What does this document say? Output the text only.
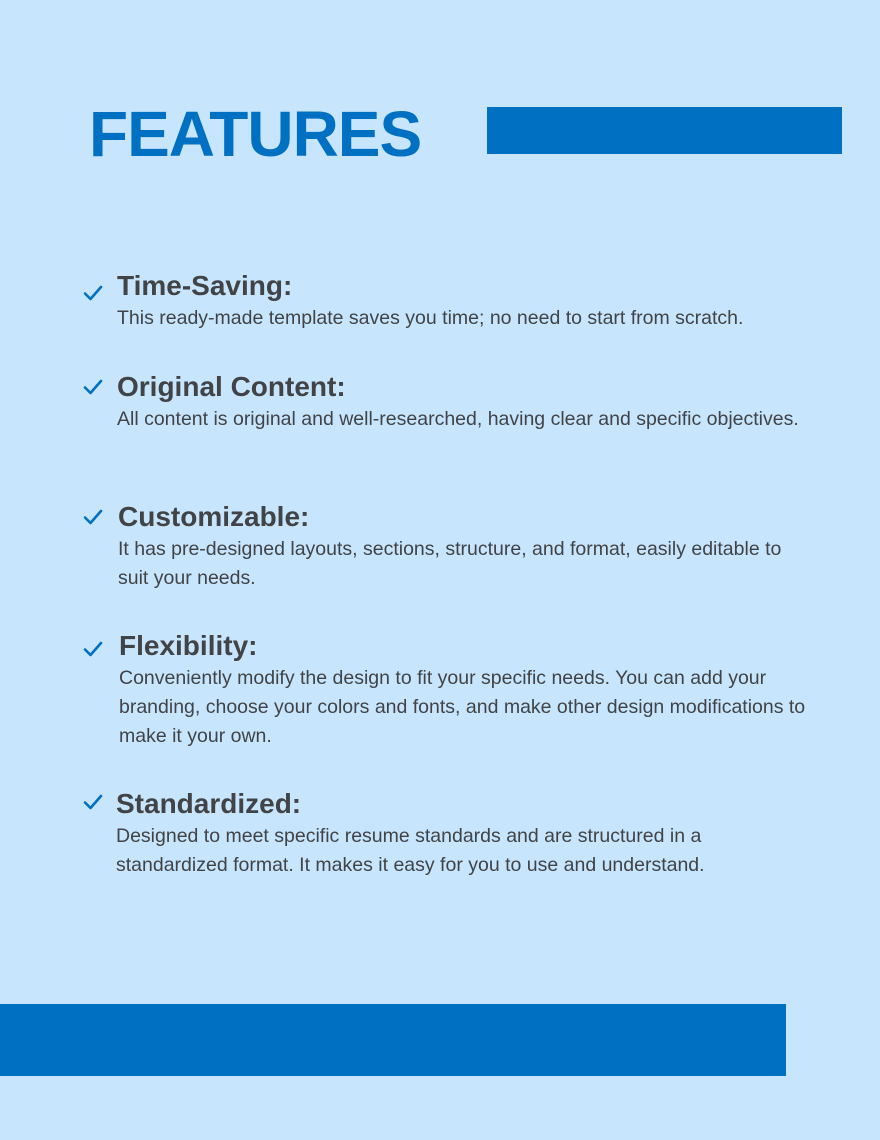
FEATURES
Time-Saving:

This ready-made template saves you time; no need to start from scratch.

Original Content:

All content is original and well-researched, having clear and specific objectives.

Customizable:

It has pre-designed layouts, sections, structure, and format, easily editable to suit your needs.

Flexibility:

Conveniently modify the design to fit your specific needs. You can add your branding, choose your colors and fonts, and make other design modifications to make it your own.

Standardized:

Designed to meet specific resume standards and are structured in a standardized format. It makes it easy for you to use and understand.
